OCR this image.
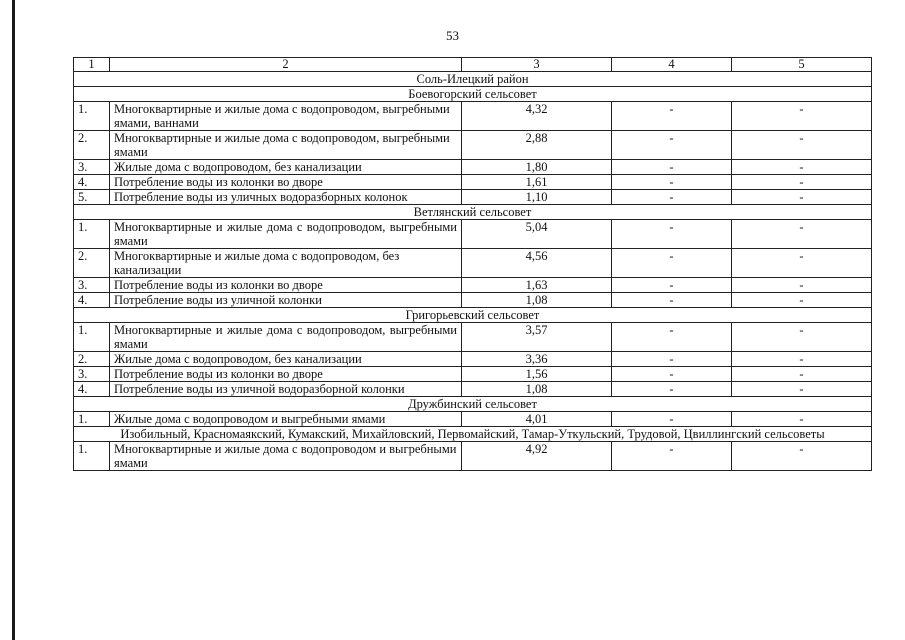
53
1	2	3	4	5
Соль-Илецкий район				
Боевогорский сельсовет				
1.	Многоквартирные и жилые дома с водопроводом, выгребными ямами, ваннами	4,32	-	-
2.	Многоквартирные и жилые дома с водопроводом, выгребными ямами	2,88	-	-
3.	Жилые дома с водопроводом, без канализации	1,80	-	-
4.	Потребление воды из колонки во дворе	1,61	-	-
5.	Потребление воды из уличных водоразборных колонок	1,10	-	-
Ветлянский сельсовет				
1.	Многоквартирные и жилые дома с водопроводом, выгребными ямами	5,04	-	-
2.	Многоквартирные и жилые дома с водопроводом, без канализации	4,56	-	-
3.	Потребление воды из колонки во дворе	1,63	-	-
4.	Потребление воды из уличной колонки	1,08	-	-
Григорьевский сельсовет				
1.	Многоквартирные и жилые дома с водопроводом, выгребными ямами	3,57	-	-
2.	Жилые дома с водопроводом, без канализации	3,36	-	-
3.	Потребление воды из колонки во дворе	1,56	-	-
4.	Потребление воды из уличной водоразборной колонки	1,08	-	-
Дружбинский сельсовет				
1.	Жилые дома с водопроводом и выгребными ямами	4,01	-	-
Изобильный, Красномаякский, Кумакский, Михайловский, Первомайский, Тамар-Уткульский, Трудовой, Цвиллингский сельсоветы				
1.	Многоквартирные и жилые дома с водопроводом и выгребными ямами	4,92	-	-
